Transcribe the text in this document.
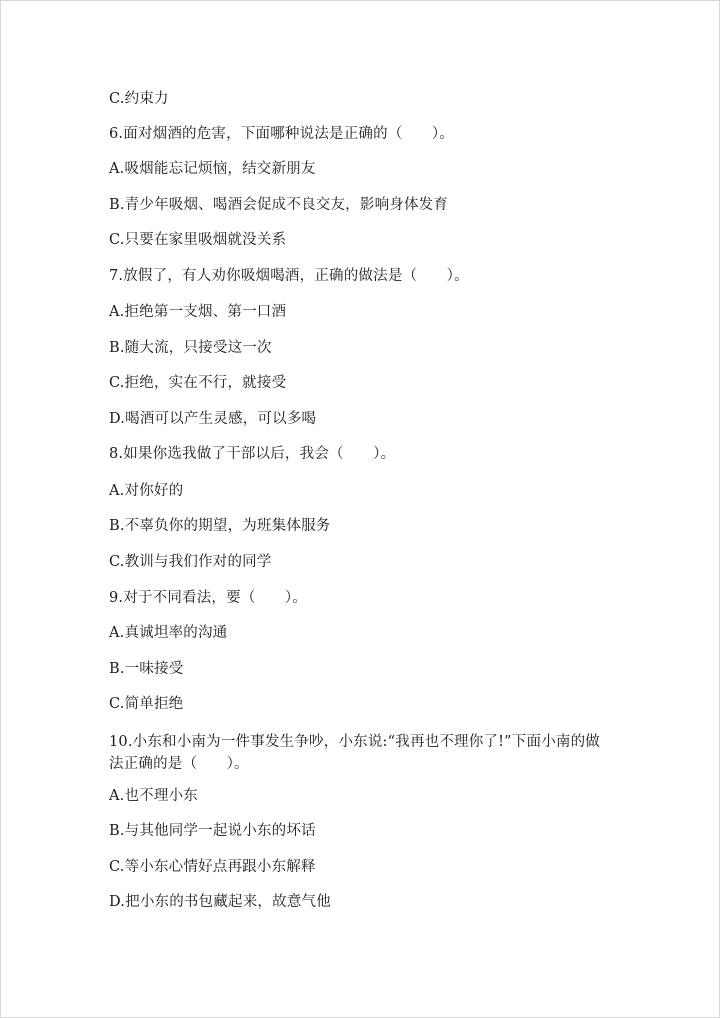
C.约束力
6.面对烟酒的危害，下面哪种说法是正确的（　　）。
A.吸烟能忘记烦恼，结交新朋友
B.青少年吸烟、喝酒会促成不良交友，影响身体发育
C.只要在家里吸烟就没关系
7.放假了，有人劝你吸烟喝酒，正确的做法是（　　）。
A.拒绝第一支烟、第一口酒
B.随大流，只接受这一次
C.拒绝，实在不行，就接受
D.喝酒可以产生灵感，可以多喝
8.如果你选我做了干部以后，我会（　　）。
A.对你好的
B.不辜负你的期望，为班集体服务
C.教训与我们作对的同学
9.对于不同看法，要（　　）。
A.真诚坦率的沟通
B.一味接受
C.简单拒绝
10.小东和小南为一件事发生争吵，小东说:“我再也不理你了!”下面小南的做法正确的是（　　）。
A.也不理小东
B.与其他同学一起说小东的坏话
C.等小东心情好点再跟小东解释
D.把小东的书包藏起来，故意气他
